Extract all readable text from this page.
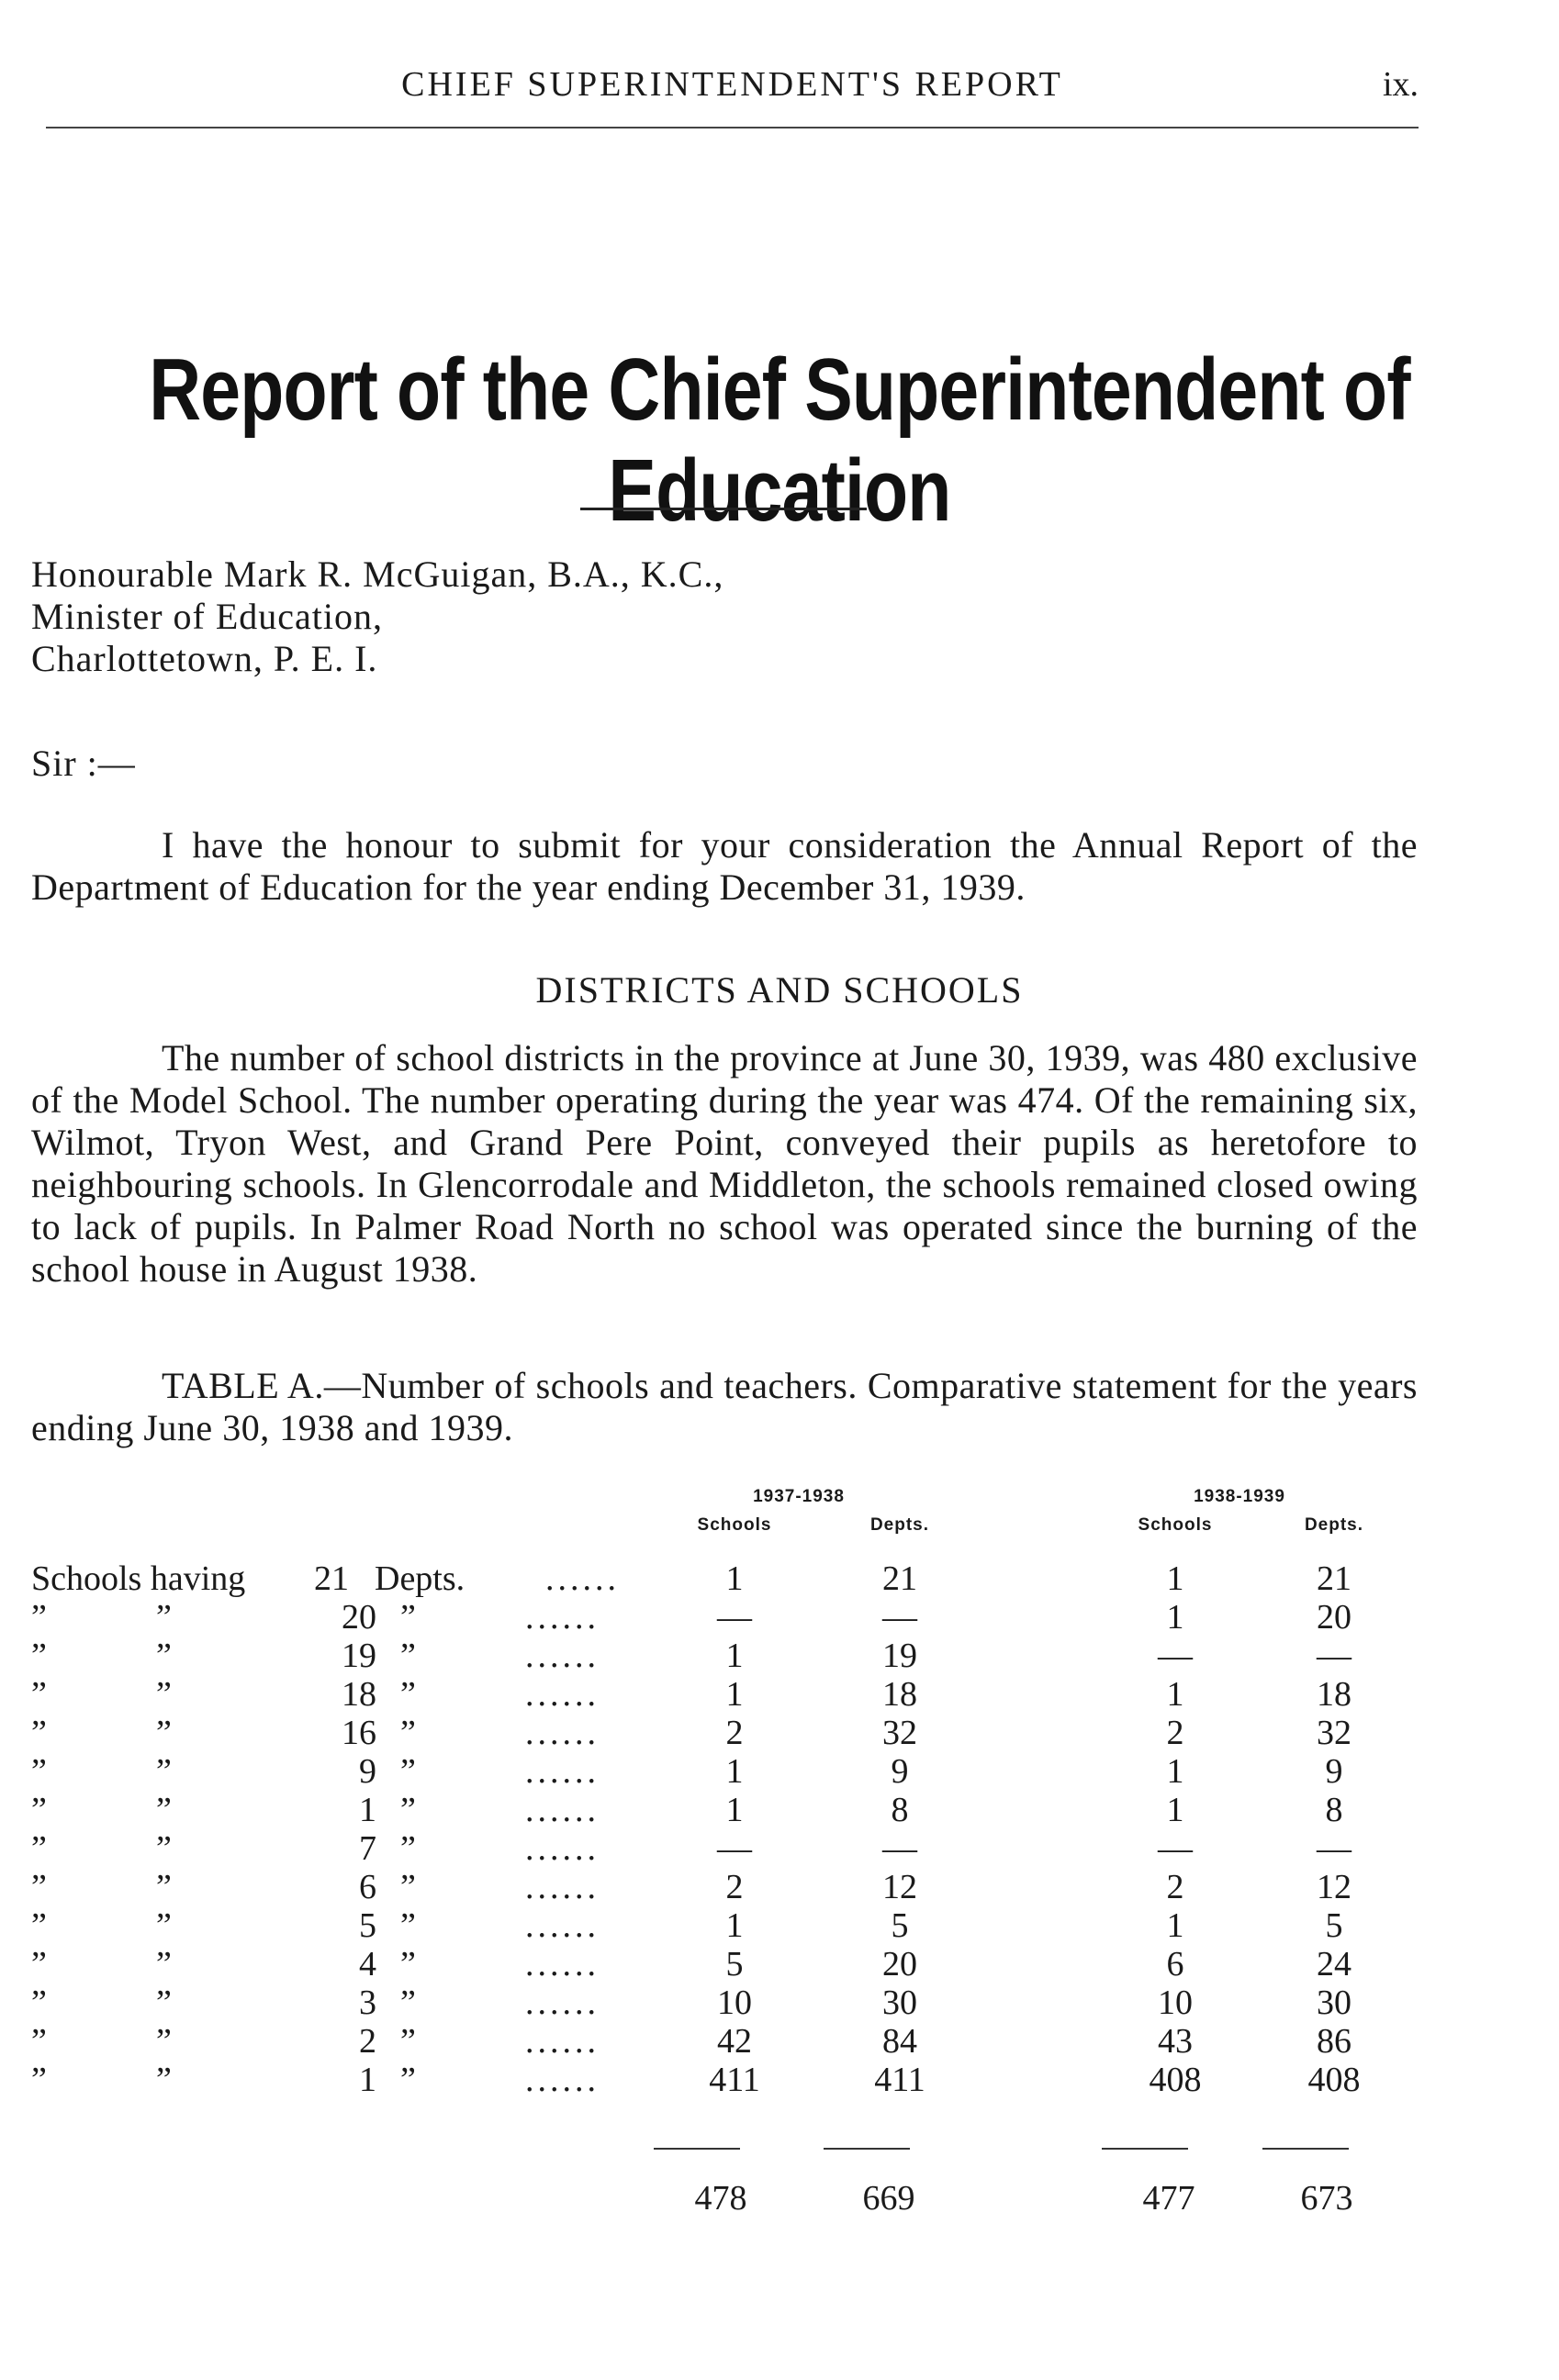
CHIEF SUPERINTENDENT'S REPORT	ix.
Report of the Chief Superintendent of Education
Honourable Mark R. McGuigan, B.A., K.C.,
Minister of Education,
Charlottetown, P. E. I.
Sir :—
I have the honour to submit for your consideration the Annual Report of the Department of Education for the year ending December 31, 1939.
DISTRICTS AND SCHOOLS
The number of school districts in the province at June 30, 1939, was 480 exclusive of the Model School. The number operating during the year was 474. Of the remaining six, Wilmot, Tryon West, and Grand Pere Point, conveyed their pupils as heretofore to neighbouring schools. In Glencorrodale and Middleton, the schools remained closed owing to lack of pupils. In Palmer Road North no school was operated since the burning of the school house in August 1938.
TABLE A.—Number of schools and teachers. Comparative statement for the years ending June 30, 1938 and 1939.
1937-1938	1938-1939
Schools	Depts.	Schools	Depts.
Schools having	21 Depts. ......	1	21	1	21
”	”	20 ”	......	—	—	1	20
”	”	19 ”	......	1	19	—	—
”	”	18 ”	......	1	18	1	18
”	”	16 ”	......	2	32	2	32
”	”	9 ”	......	1	9	1	9
”	”	1 ”	......	1	8	1	8
”	”	7 ”	......	—	—	—	—
”	”	6 ”	......	2	12	2	12
”	”	5 ”	......	1	5	1	5
”	”	4 ”	......	5	20	6	24
”	”	3 ”	......	10	30	10	30
”	”	2 ”	......	42	84	43	86
”	”	1 ”	......	411	411	408	408
478	669	477	673
